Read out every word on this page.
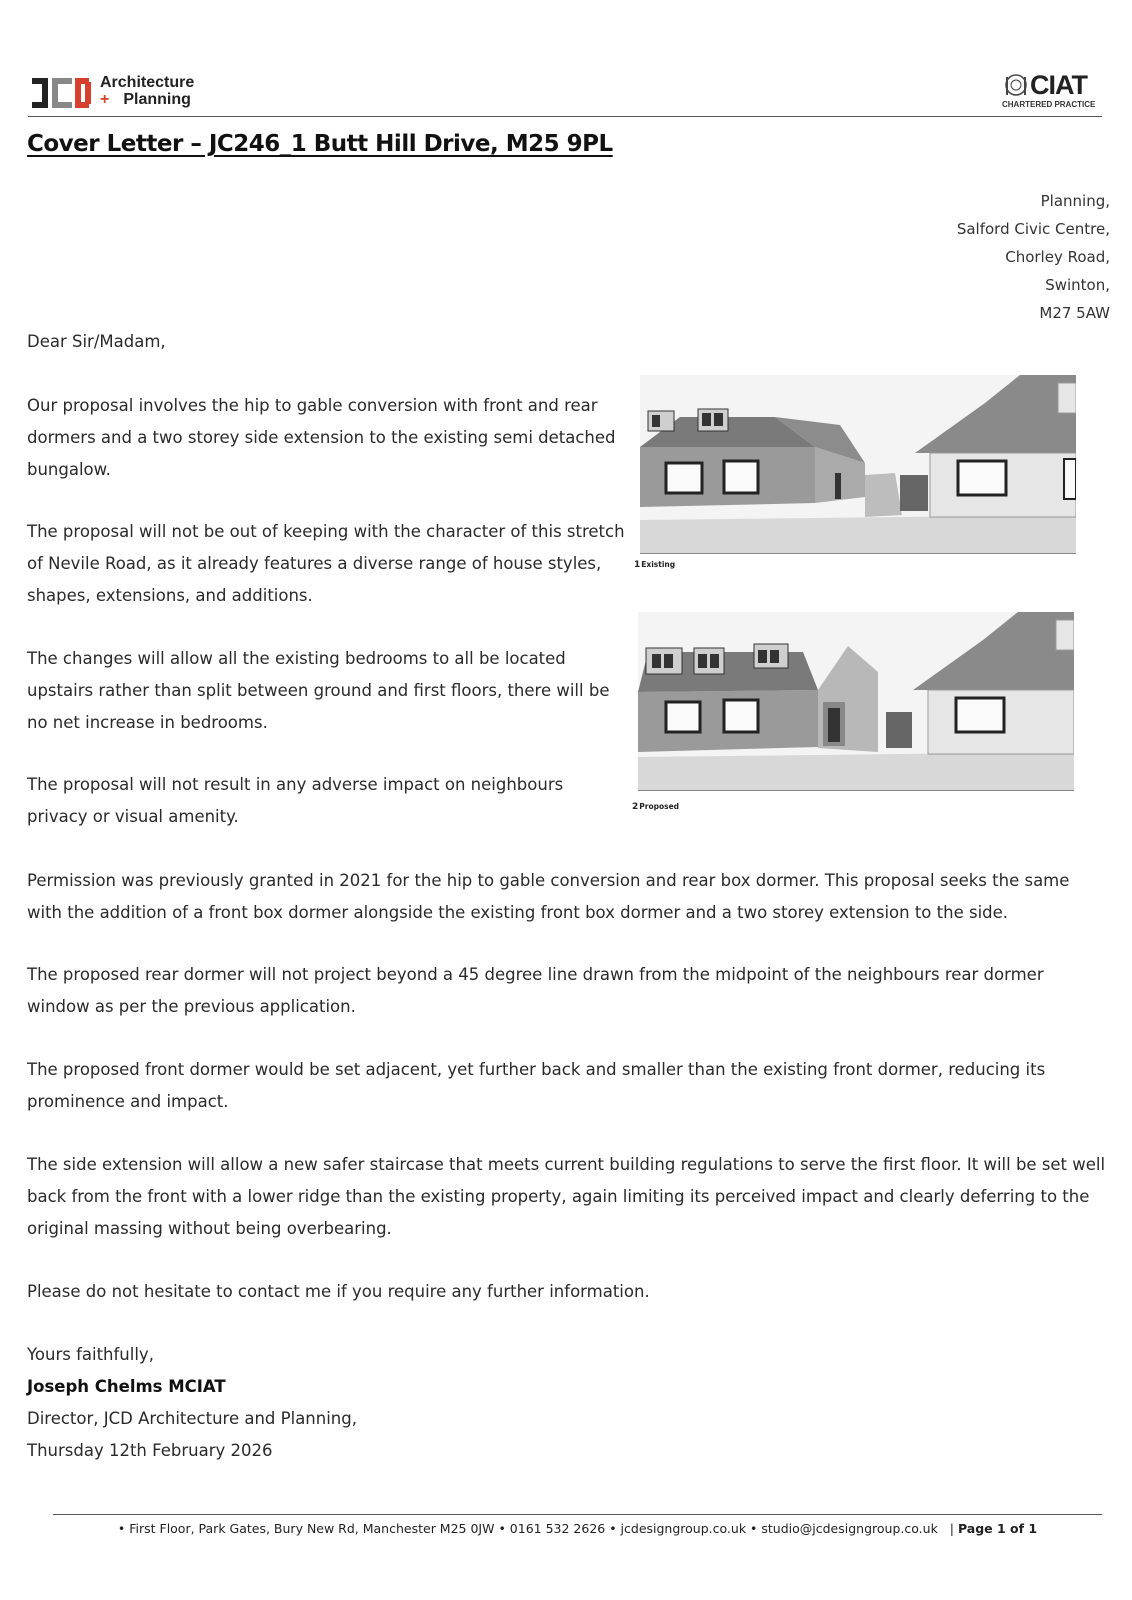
Architecture
+ Planning	CIAT
CHARTERED PRACTICE
Cover Letter – JC246_1 Butt Hill Drive, M25 9PL
Planning,
Salford Civic Centre,
Chorley Road,
Swinton,
M27 5AW
Dear Sir/Madam,

Our proposal involves the hip to gable conversion with front and rear dormers and a two storey side extension to the existing semi detached bungalow.

The proposal will not be out of keeping with the character of this stretch of Nevile Road, as it already features a diverse range of house styles, shapes, extensions, and additions.

The changes will allow all the existing bedrooms to all be located upstairs rather than split between ground and first floors, there will be no net increase in bedrooms.

The proposal will not result in any adverse impact on neighbours privacy or visual amenity.

1Existing
2Proposed

Permission was previously granted in 2021 for the hip to gable conversion and rear box dormer. This proposal seeks the same with the addition of a front box dormer alongside the existing front box dormer and a two storey extension to the side.

The proposed rear dormer will not project beyond a 45 degree line drawn from the midpoint of the neighbours rear dormer window as per the previous application.

The proposed front dormer would be set adjacent, yet further back and smaller than the existing front dormer, reducing its prominence and impact.

The side extension will allow a new safer staircase that meets current building regulations to serve the first floor. It will be set well back from the front with a lower ridge than the existing property, again limiting its perceived impact and clearly deferring to the original massing without being overbearing.

Please do not hesitate to contact me if you require any further information.

Yours faithfully,
Joseph Chelms MCIAT
Director, JCD Architecture and Planning,
Thursday 12th February 2026
• First Floor, Park Gates, Bury New Rd, Manchester M25 0JW • 0161 532 2626 • jcdesigngroup.co.uk • studio@jcdesigngroup.co.uk   | Page 1 of 1
